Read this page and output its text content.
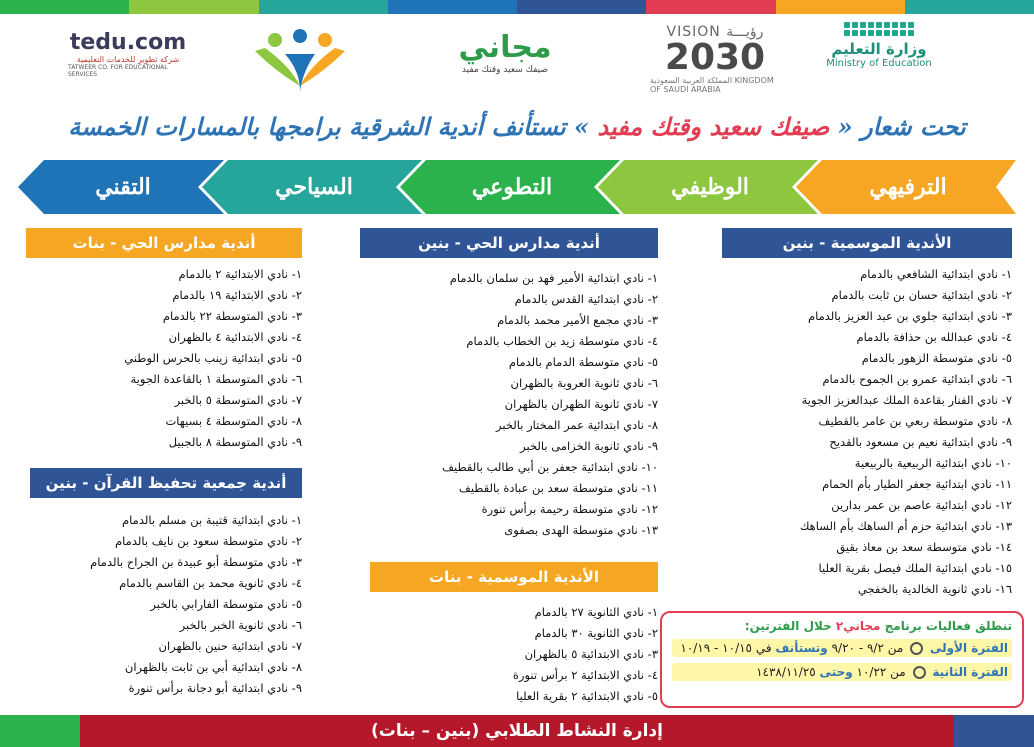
وزارة التعليم
Ministry of Education
VISION رؤيـــة
2030
المملكة العربية السعودية KINGDOM OF SAUDI ARABIA
مجاني
صيفك سعيد وقتك مفيد
tedu.com
شركة تطوير للخدمات التعليمية
TATWEER CO. FOR EDUCATIONAL SERVICES
تحت شعار « صيفك سعيد وقتك مفيد » تستأنف أندية الشرقية برامجها بالمسارات الخمسة
الترفيهي
الوظيفي
التطوعي
السياحي
التقني
الأندية الموسمية - بنين
١- نادي ابتدائية الشافعي بالدمام
٢- نادي ابتدائية حسان بن ثابت بالدمام
٣- نادي ابتدائية جلوي بن عبد العزيز بالدمام
٤- نادي عبدالله بن حذافة بالدمام
٥- نادي متوسطة الزهور بالدمام
٦- نادي ابتدائية عمرو بن الجموح بالدمام
٧- نادي الفنار بقاعدة الملك عبدالعزيز الجوية
٨- نادي متوسطة ربعي بن عامر بالقطيف
٩- نادي ابتدائية نعيم بن مسعود بالقديح
١٠- نادي ابتدائية الربيعية بالربيعية
١١- نادي ابتدائية جعفر الطيار بأم الحمام
١٢- نادي ابتدائية عاصم بن عمر بدارين
١٣- نادي ابتدائية حزم أم الساهك بأم الساهك
١٤- نادي متوسطة سعد بن معاذ بقيق
١٥- نادي ابتدائية الملك فيصل بقرية العليا
١٦- نادي ثانوية الخالدية بالخفجي
أندية مدارس الحي - بنين
١- نادي ابتدائية الأمير فهد بن سلمان بالدمام
٢- نادي ابتدائية القدس بالدمام
٣- نادي مجمع الأمير محمد بالدمام
٤- نادي متوسطة زيد بن الخطاب بالدمام
٥- نادي متوسطة الدمام بالدمام
٦- نادي ثانوية العروبة بالظهران
٧- نادي ثانوية الظهران بالظهران
٨- نادي ابتدائية عمر المختار بالخبر
٩- نادي ثانوية الخزامى بالخبر
١٠- نادي ابتدائية جعفر بن أبي طالب بالقطيف
١١- نادي متوسطة سعد بن عبادة بالقطيف
١٢- نادي متوسطة رحيمة برأس تنورة
١٣- نادي متوسطة الهدى بصفوى
الأندية الموسمية - بنات
١- نادي الثانوية ٢٧ بالدمام
٢- نادي الثانوية ٣٠ بالدمام
٣- نادي الابتدائية ٥ بالظهران
٤- نادي الابتدائية ٢ برأس تنورة
٥- نادي الابتدائية ٢ بقرية العليا
أندية مدارس الحي - بنات
١- نادي الابتدائية ٢ بالدمام
٢- نادي الابتدائية ١٩ بالدمام
٣- نادي المتوسطة ٢٢ بالدمام
٤- نادي الابتدائية ٤ بالظهران
٥- نادي ابتدائية زينب بالحرس الوطني
٦- نادي المتوسطة ١ بالقاعدة الجوية
٧- نادي المتوسطة ٥ بالخبر
٨- نادي المتوسطة ٤ بسيهات
٩- نادي المتوسطة ٨ بالجبيل
أندية جمعية تحفيظ القرآن - بنين
١- نادي ابتدائية قتيبة بن مسلم بالدمام
٢- نادي متوسطة سعود بن نايف بالدمام
٣- نادي متوسطة أبو عبيدة بن الجراح بالدمام
٤- نادي ثانوية محمد بن القاسم بالدمام
٥- نادي متوسطة الفارابي بالخبر
٦- نادي ثانوية الخبر بالخبر
٧- نادي ابتدائية حنين بالظهران
٨- نادي ابتدائية أبي بن ثابت بالظهران
٩- نادي ابتدائية أبو دجانة برأس تنورة
تنطلق فعاليات برنامج مجاني٢ خلال الفترتين:
الفترة الأولى  من ٩/٢ - ٩/٢٠ وتستأنف في ١٠/١٥ - ١٠/١٩
الفترة الثانية  من ١٠/٢٢ وحتى ١٤٣٨/١١/٢٥
إدارة النشاط الطلابي (بنين – بنات)
